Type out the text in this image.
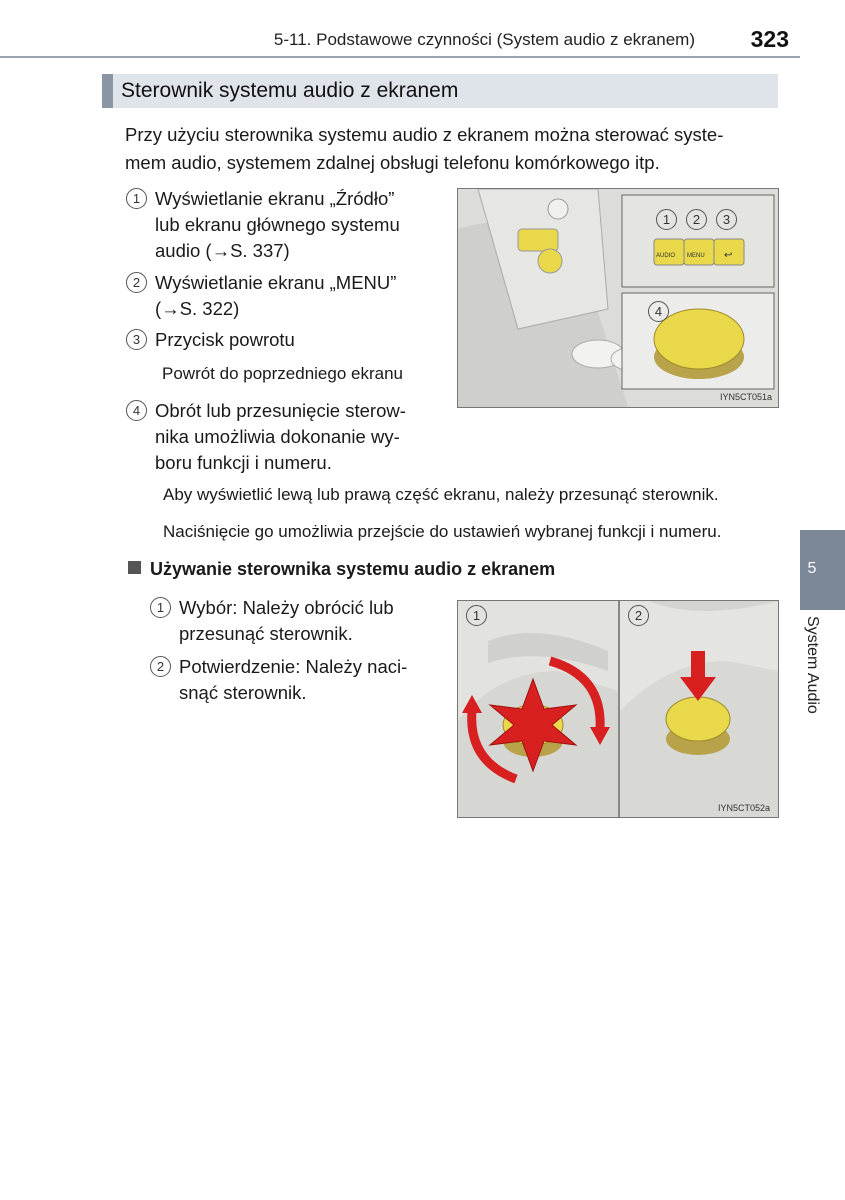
5-11. Podstawowe czynności (System audio z ekranem) 323
Sterownik systemu audio z ekranem
Przy użyciu sterownika systemu audio z ekranem można sterować syste-
mem audio, systemem zdalnej obsługi telefonu komórkowego itp.
1 Wyświetlanie ekranu „Źródło”
lub ekranu głównego systemu
audio (→S. 337)
2 Wyświetlanie ekranu „MENU”
(→S. 322)
3 Przycisk powrotu
Powrót do poprzedniego ekranu
4 Obrót lub przesunięcie sterow-
nika umożliwia dokonanie wy-
boru funkcji i numeru.
Aby wyświetlić lewą lub prawą część ekranu, należy przesunąć sterownik.
Naciśnięcie go umożliwia przejście do ustawień wybranej funkcji i numeru.
AUDIO MENU ↩
1	2	3
4
IYN5CT051a
5
System Audio
Używanie sterownika systemu audio z ekranem
1 Wybór: Należy obrócić lub
przesunąć sterownik.
2 Potwierdzenie: Należy naci-
snąć sterownik.
1	2
IYN5CT052a
